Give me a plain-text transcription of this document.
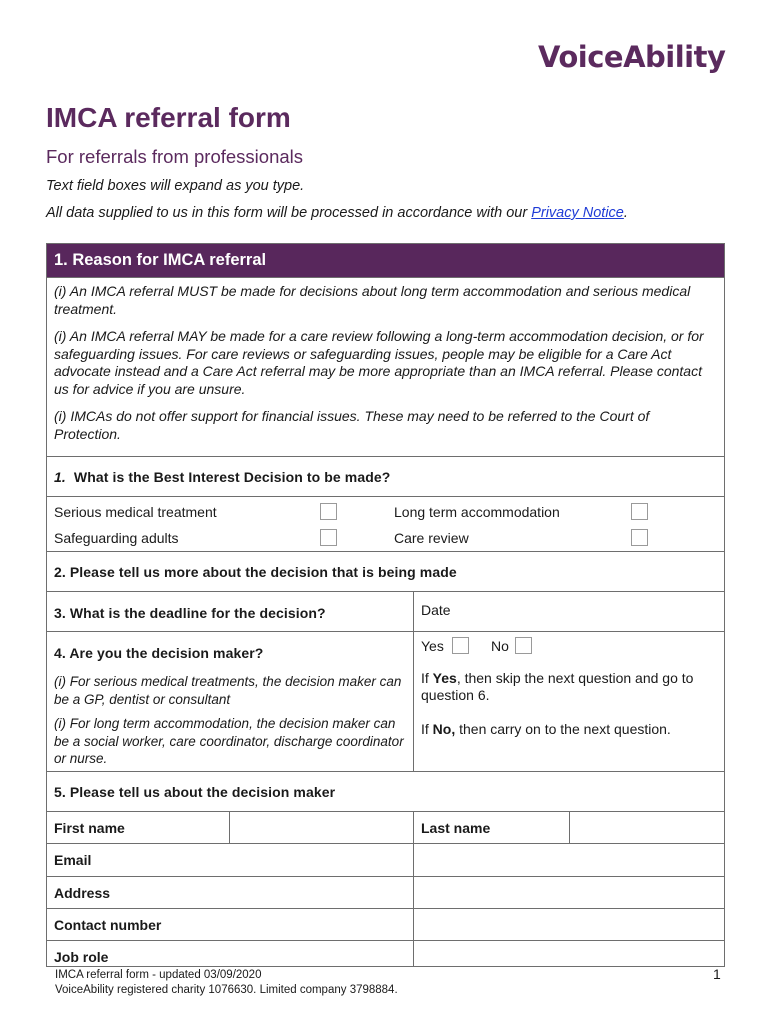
VoiceAbility
IMCA referral form
For referrals from professionals
Text field boxes will expand as you type.
All data supplied to us in this form will be processed in accordance with our Privacy Notice.
1. Reason for IMCA referral
(i) An IMCA referral MUST be made for decisions about long term accommodation and serious medical treatment.
(i) An IMCA referral MAY be made for a care review following a long-term accommodation decision, or for safeguarding issues. For care reviews or safeguarding issues, people may be eligible for a Care Act advocate instead and a Care Act referral may be more appropriate than an IMCA referral. Please contact us for advice if you are unsure.
(i) IMCAs do not offer support for financial issues. These may need to be referred to the Court of Protection.
1. What is the Best Interest Decision to be made?
Serious medical treatment	Long term accommodation
Safeguarding adults	Care review
2. Please tell us more about the decision that is being made
3. What is the deadline for the decision?	Date
4. Are you the decision maker?
(i) For serious medical treatments, the decision maker can be a GP, dentist or consultant
(i) For long term accommodation, the decision maker can be a social worker, care coordinator, discharge coordinator or nurse.
Yes	No
If Yes, then skip the next question and go to question 6.
If No, then carry on to the next question.
5. Please tell us about the decision maker
First name	Last name
Email
Address
Contact number
Job role
IMCA referral form - updated 03/09/2020
VoiceAbility registered charity 1076630. Limited company 3798884.
1
